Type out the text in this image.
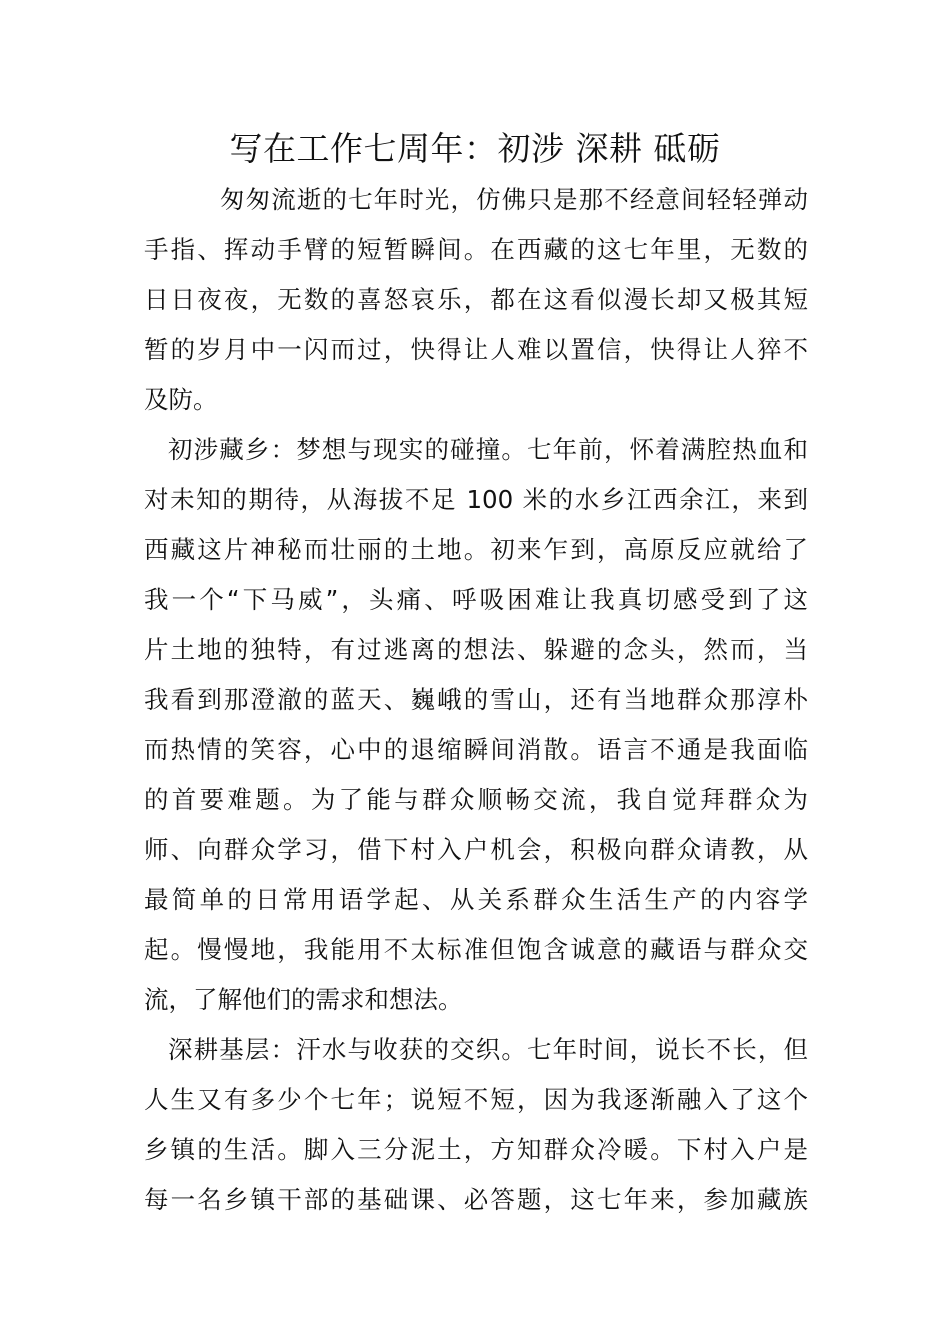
写在工作七周年：初涉 深耕 砥砺
匆匆流逝的七年时光，仿佛只是那不经意间轻轻弹动
手指、挥动手臂的短暂瞬间。在西藏的这七年里，无数的
日日夜夜，无数的喜怒哀乐，都在这看似漫长却又极其短
暂的岁月中一闪而过，快得让人难以置信，快得让人猝不
及防。
初涉藏乡：梦想与现实的碰撞。七年前，怀着满腔热血和
对未知的期待，从海拔不足 100 米的水乡江西余江，来到
西藏这片神秘而壮丽的土地。初来乍到，高原反应就给了
我一个“下马威”，头痛、呼吸困难让我真切感受到了这
片土地的独特，有过逃离的想法、躲避的念头，然而，当
我看到那澄澈的蓝天、巍峨的雪山，还有当地群众那淳朴
而热情的笑容，心中的退缩瞬间消散。语言不通是我面临
的首要难题。为了能与群众顺畅交流，我自觉拜群众为
师、向群众学习，借下村入户机会，积极向群众请教，从
最简单的日常用语学起、从关系群众生活生产的内容学
起。慢慢地，我能用不太标准但饱含诚意的藏语与群众交
流，了解他们的需求和想法。
深耕基层：汗水与收获的交织。七年时间，说长不长，但
人生又有多少个七年；说短不短，因为我逐渐融入了这个
乡镇的生活。脚入三分泥土，方知群众冷暖。下村入户是
每一名乡镇干部的基础课、必答题，这七年来，参加藏族
